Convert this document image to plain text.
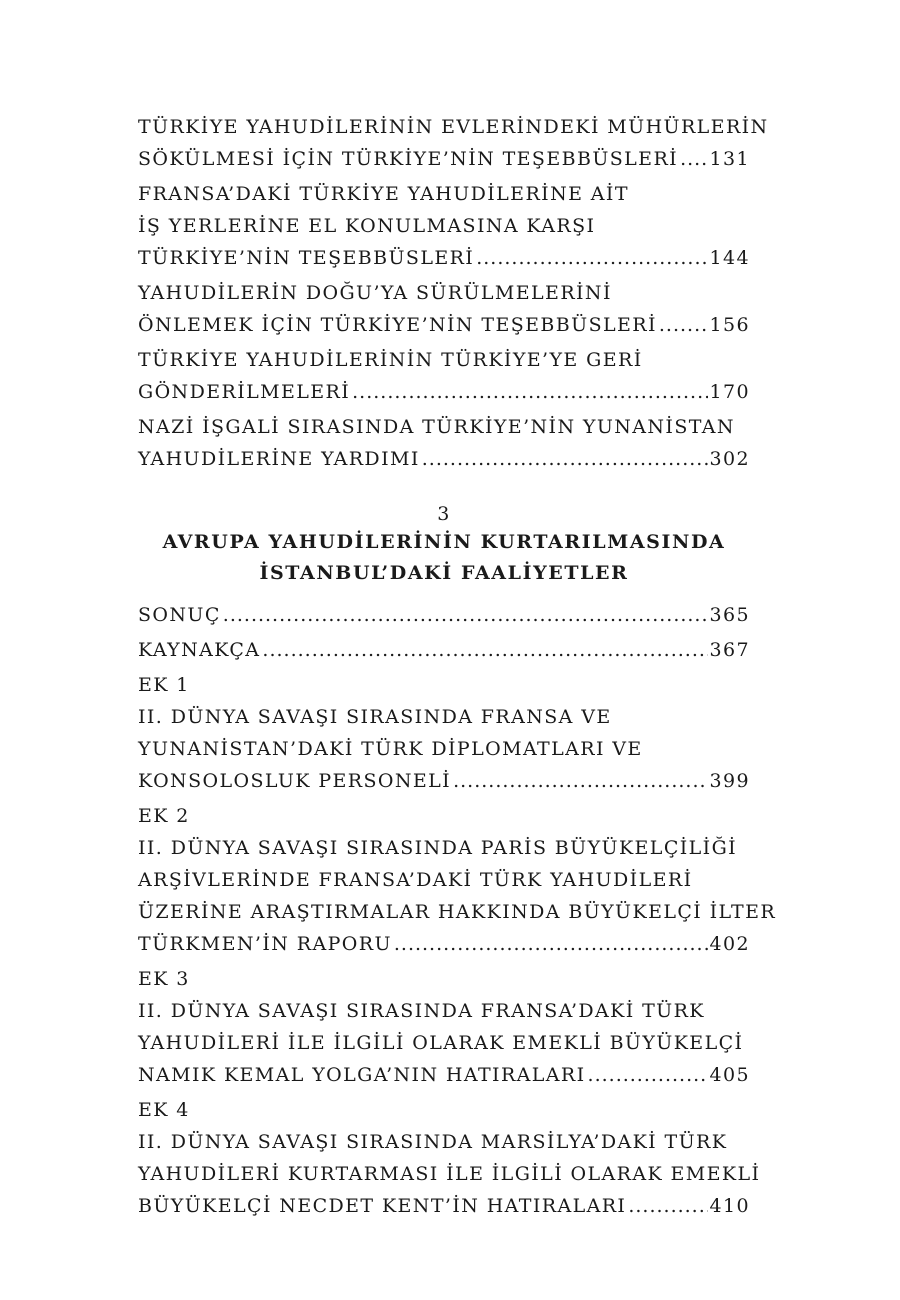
TÜRKİYE YAHUDİLERİNİN EVLERİNDEKİ MÜHÜRLERİN
SÖKÜLMESİ İÇİN TÜRKİYE’NİN TEŞEBBÜSLERİ ..... 131
FRANSA’DAKİ TÜRKİYE YAHUDİLERİNE AİT
İŞ YERLERİNE EL KONULMASINA KARŞI
TÜRKİYE’NİN TEŞEBBÜSLERİ .....	144
YAHUDİLERİN DOĞU’YA SÜRÜLMELERİNİ
ÖNLEMEK İÇİN TÜRKİYE’NİN TEŞEBBÜSLERİ .....	156
TÜRKİYE YAHUDİLERİNİN TÜRKİYE’YE GERİ
GÖNDERİLMELERİ .....	170
NAZİ İŞGALİ SIRASINDA TÜRKİYE’NİN YUNANİSTAN
YAHUDİLERİNE YARDIMI .....	302
3
AVRUPA YAHUDİLERİNİN KURTARILMASINDA
İSTANBUL’DAKİ FAALİYETLER
SONUÇ .....	365
KAYNAKÇA .....	367
EK 1
II. DÜNYA SAVAŞI SIRASINDA FRANSA VE
YUNANİSTAN’DAKİ TÜRK DİPLOMATLARI VE
KONSOLOSLUK PERSONELİ .....	399
EK 2
II. DÜNYA SAVAŞI SIRASINDA PARİS BÜYÜKELÇİLİĞİ
ARŞİVLERİNDE FRANSA’DAKİ TÜRK YAHUDİLERİ
ÜZERİNE ARAŞTIRMALAR HAKKINDA BÜYÜKELÇİ İLTER
TÜRKMEN’İN RAPORU .....	402
EK 3
II. DÜNYA SAVAŞI SIRASINDA FRANSA’DAKİ TÜRK
YAHUDİLERİ İLE İLGİLİ OLARAK EMEKLİ BÜYÜKELÇİ
NAMIK KEMAL YOLGA’NIN HATIRALARI .....	405
EK 4
II. DÜNYA SAVAŞI SIRASINDA MARSİLYA’DAKİ TÜRK
YAHUDİLERİ KURTARMASI İLE İLGİLİ OLARAK EMEKLİ
BÜYÜKELÇİ NECDET KENT’İN HATIRALARI .....	410
